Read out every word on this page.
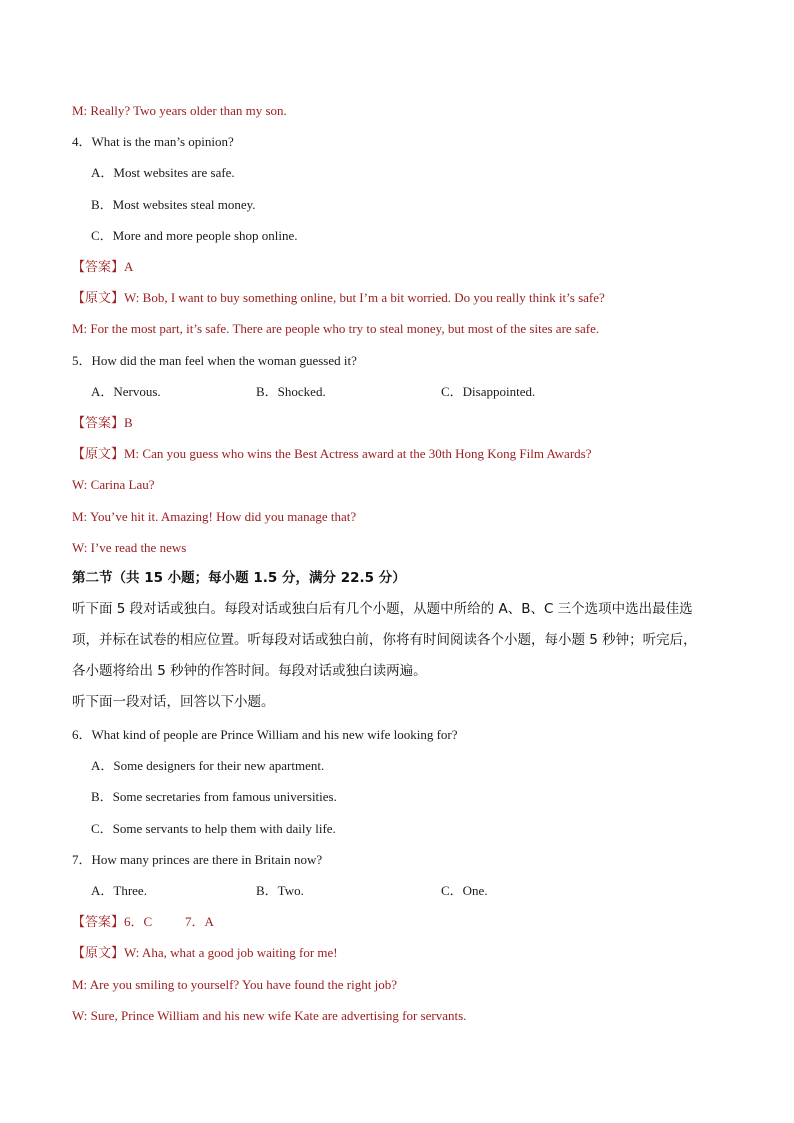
M: Really? Two years older than my son.
4．What is the man’s opinion?
A．Most websites are safe.
B．Most websites steal money.
C．More and more people shop online.
【答案】A
【原文】W: Bob, I want to buy something online, but I’m a bit worried. Do you really think it’s safe?
M: For the most part, it’s safe. There are people who try to steal money, but most of the sites are safe.
5．How did the man feel when the woman guessed it?
A．Nervous.	B．Shocked.	C．Disappointed.
【答案】B
【原文】M: Can you guess who wins the Best Actress award at the 30th Hong Kong Film Awards?
W: Carina Lau?
M: You’ve hit it. Amazing! How did you manage that?
W: I’ve read the news
第二节（共 15 小题；每小题 1.5 分，满分 22.5 分）
听下面 5 段对话或独白。每段对话或独白后有几个小题，从题中所给的 A、B、C 三个选项中选出最佳选
项，并标在试卷的相应位置。听每段对话或独白前，你将有时间阅读各个小题，每小题 5 秒钟；听完后，
各小题将给出 5 秒钟的作答时间。每段对话或独白读两遍。
听下面一段对话，回答以下小题。
6．What kind of people are Prince William and his new wife looking for?
A．Some designers for their new apartment.
B．Some secretaries from famous universities.
C．Some servants to help them with daily life.
7．How many princes are there in Britain now?
A．Three.	B．Two.	C．One.
【答案】6．C	7．A
【原文】W: Aha, what a good job waiting for me!
M: Are you smiling to yourself? You have found the right job?
W: Sure, Prince William and his new wife Kate are advertising for servants.
